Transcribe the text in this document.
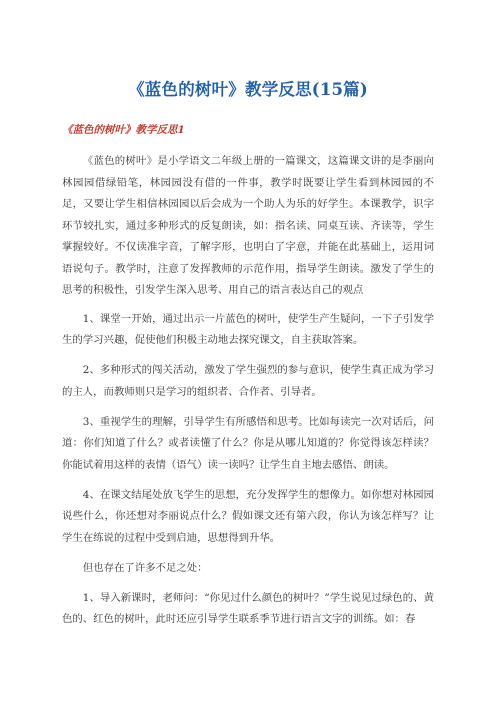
《蓝色的树叶》教学反思(15篇)
《蓝色的树叶》教学反思1

《蓝色的树叶》是小学语文二年级上册的一篇课文，这篇课文讲的是李丽向林园园借绿铅笔，林园园没有借的一件事，教学时既要让学生看到林园园的不足，又要让学生相信林园园以后会成为一个助人为乐的好学生。本课教学，识字环节较扎实，通过多种形式的反复朗读，如：指名读、同桌互读、齐读等，学生掌握较好。不仅读准字音，了解字形，也明白了字意，并能在此基础上，运用词语说句子。教学时，注意了发挥教师的示范作用，指导学生朗读。激发了学生的思考的积极性，引发学生深入思考、用自己的语言表达自己的观点

1、课堂一开始，通过出示一片蓝色的树叶，使学生产生疑问，一下子引发学生的学习兴趣，促使他们积极主动地去探究课文，自主获取答案。

2、多种形式的闯关活动，激发了学生强烈的参与意识，使学生真正成为学习的主人，而教师则只是学习的组织者、合作者、引导者。

3、重视学生的理解，引导学生有所感悟和思考。比如每读完一次对话后，问道：你们知道了什么？或者读懂了什么？你是从哪儿知道的？你觉得该怎样读？你能试着用这样的表情（语气）读一读吗？让学生自主地去感悟、朗读。

4、在课文结尾处放飞学生的思想，充分发挥学生的想像力。如你想对林园园说些什么，你还想对李丽说点什么？假如课文还有第六段，你认为该怎样写？让学生在练说的过程中受到启迪，思想得到升华。

但也存在了许多不足之处：

1、导入新课时，老师问：“你见过什么颜色的树叶？”学生说见过绿色的、黄色的、红色的树叶，此时还应引导学生联系季节进行语言文字的训练。如：春
